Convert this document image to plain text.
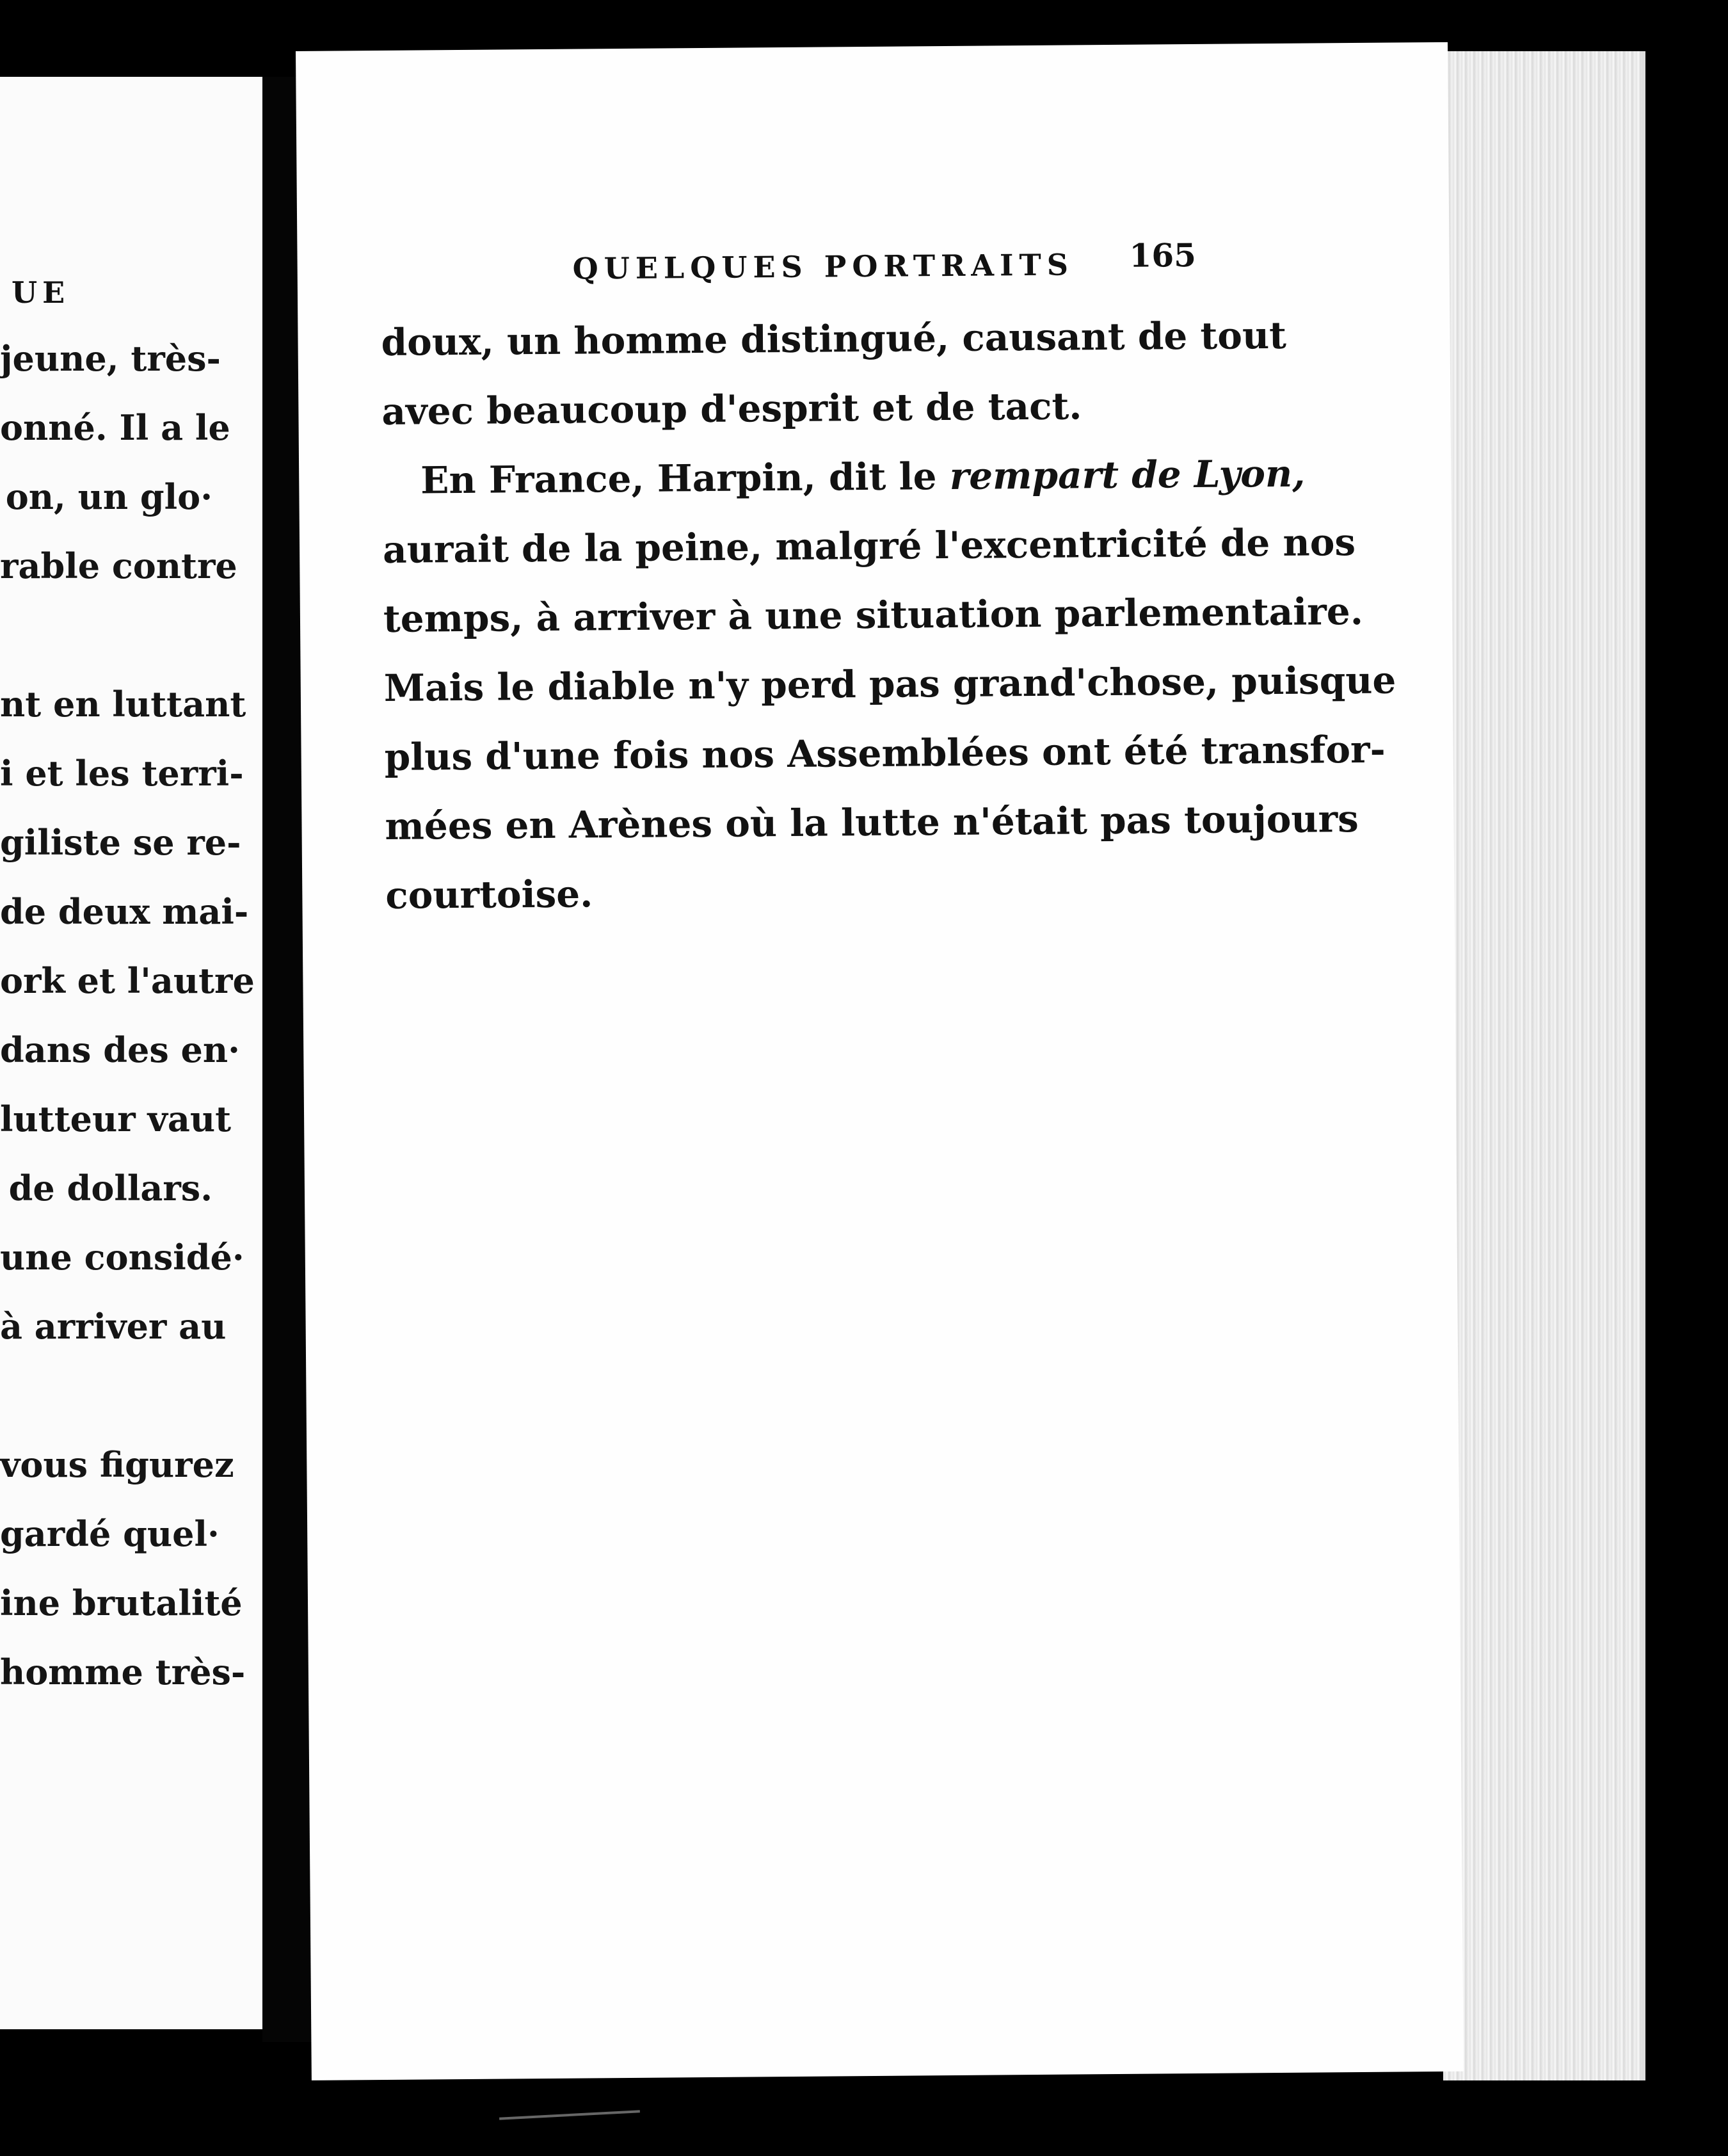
UE
jeune, très-
onné. Il a le
on, un glo·
rable contre
nt en luttant
i et les terri-
giliste se re-
de deux mai-
ork et l'autre
dans des en·
lutteur vaut
de dollars.
une considé·
à arriver au
vous figurez
gardé quel·
ine brutalité
homme très-
QUELQUES PORTRAITS 165
doux, un homme distingué, causant de tout
avec beaucoup d'esprit et de tact.
En France, Harpin, dit le rempart de Lyon,
aurait de la peine, malgré l'excentricité de nos
temps, à arriver à une situation parlementaire.
Mais le diable n'y perd pas grand'chose, puisque
plus d'une fois nos Assemblées ont été transfor-
mées en Arènes où la lutte n'était pas toujours
courtoise.
